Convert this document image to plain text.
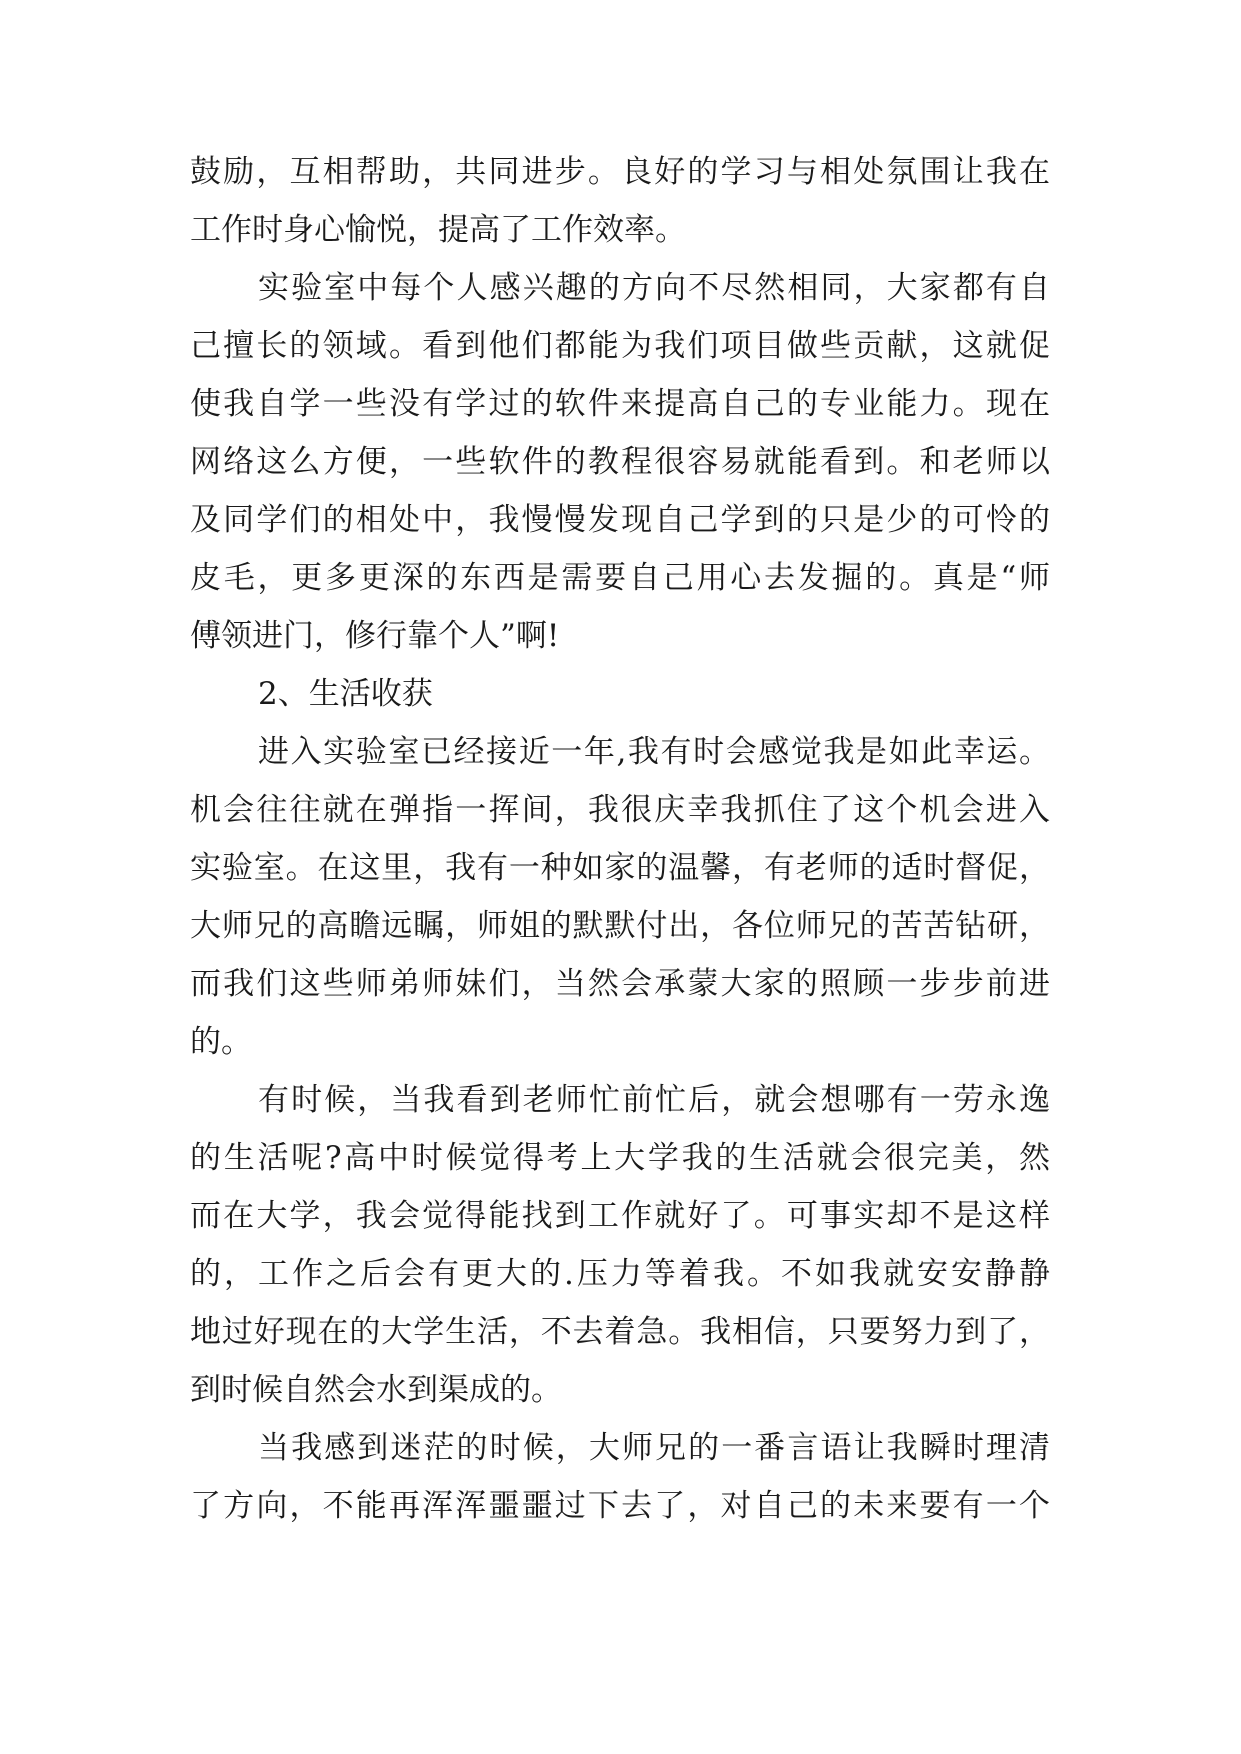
鼓励，互相帮助，共同进步。良好的学习与相处氛围让我在
工作时身心愉悦，提高了工作效率。
实验室中每个人感兴趣的方向不尽然相同，大家都有自
己擅长的领域。看到他们都能为我们项目做些贡献，这就促
使我自学一些没有学过的软件来提高自己的专业能力。现在
网络这么方便，一些软件的教程很容易就能看到。和老师以
及同学们的相处中，我慢慢发现自己学到的只是少的可怜的
皮毛，更多更深的东西是需要自己用心去发掘的。真是“师
傅领进门，修行靠个人”啊!
2、生活收获
进入实验室已经接近一年,我有时会感觉我是如此幸运。
机会往往就在弹指一挥间，我很庆幸我抓住了这个机会进入
实验室。在这里，我有一种如家的温馨，有老师的适时督促，
大师兄的高瞻远瞩，师姐的默默付出，各位师兄的苦苦钻研，
而我们这些师弟师妹们，当然会承蒙大家的照顾一步步前进
的。
有时候，当我看到老师忙前忙后，就会想哪有一劳永逸
的生活呢?高中时候觉得考上大学我的生活就会很完美，然
而在大学，我会觉得能找到工作就好了。可事实却不是这样
的，工作之后会有更大的.压力等着我。不如我就安安静静
地过好现在的大学生活，不去着急。我相信，只要努力到了，
到时候自然会水到渠成的。
当我感到迷茫的时候，大师兄的一番言语让我瞬时理清
了方向，不能再浑浑噩噩过下去了，对自己的未来要有一个
